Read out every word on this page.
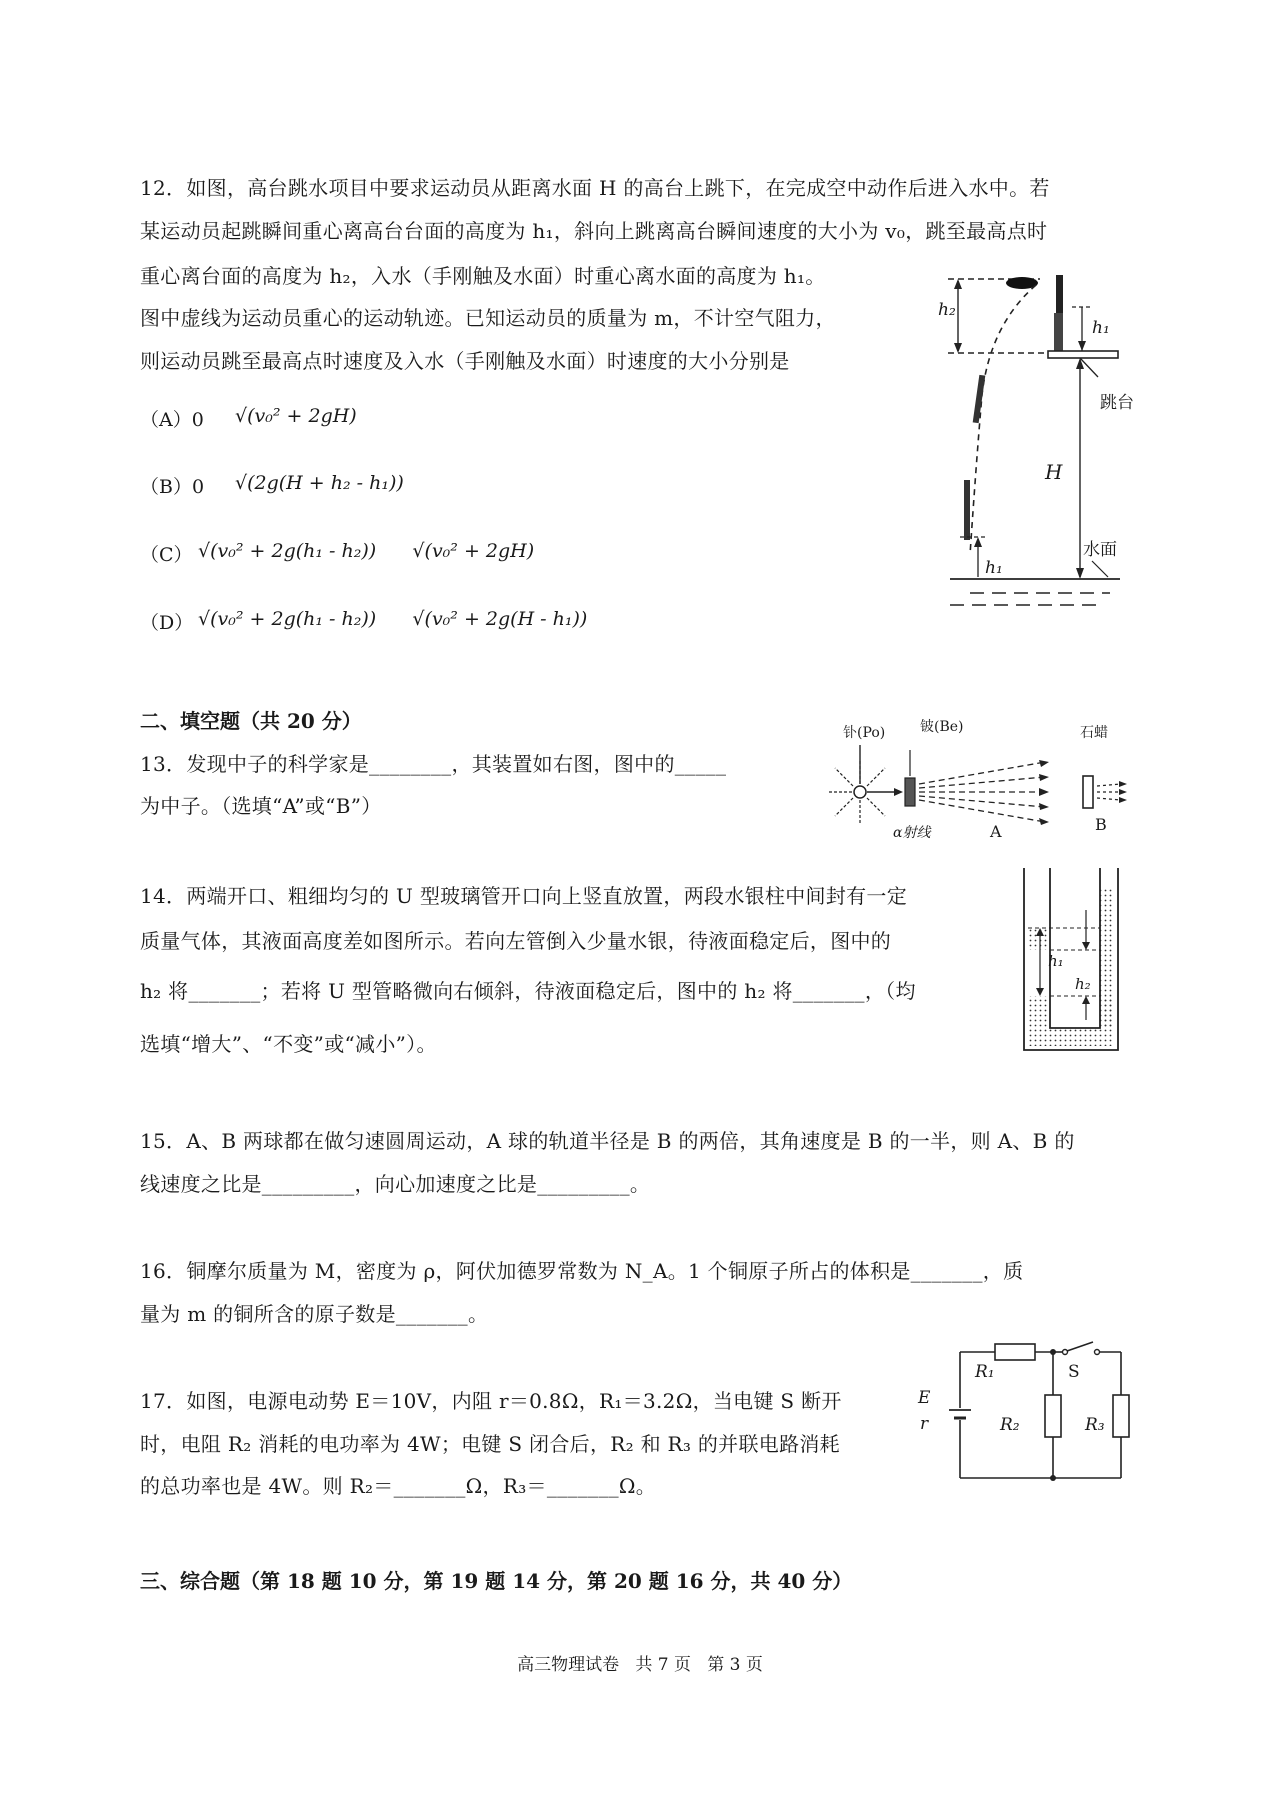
12．如图，高台跳水项目中要求运动员从距离水面 H 的高台上跳下，在完成空中动作后进入水中。若
某运动员起跳瞬间重心离高台台面的高度为 h₁，斜向上跳离高台瞬间速度的大小为 v₀，跳至最高点时
重心离台面的高度为 h₂，入水（手刚触及水面）时重心离水面的高度为 h₁。
图中虚线为运动员重心的运动轨迹。已知运动员的质量为 m，不计空气阻力，
则运动员跳至最高点时速度及入水（手刚触及水面）时速度的大小分别是
（A）0 √(v₀² + 2gH)
（B）0 √(2g(H + h₂ - h₁))
（C） √(v₀² + 2g(h₁ - h₂))      √(v₀² + 2gH)
（D） √(v₀² + 2g(h₁ - h₂))      √(v₀² + 2g(H - h₁))
h₂
h₁
跳台
H
水面
h₁
二、填空题（共 20 分）
13．发现中子的科学家是________，其装置如右图，图中的_____
为中子。（选填“A”或“B”）
钋(Po) 铍(Be)	石蜡
α射线	A	B
14．两端开口、粗细均匀的 U 型玻璃管开口向上竖直放置，两段水银柱中间封有一定
质量气体，其液面高度差如图所示。若向左管倒入少量水银，待液面稳定后，图中的
h₂ 将_______；若将 U 型管略微向右倾斜，待液面稳定后，图中的 h₂ 将_______，（均
选填“增大”、“不变”或“减小”）。
h₁
h₂
15．A、B 两球都在做匀速圆周运动，A 球的轨道半径是 B 的两倍，其角速度是 B 的一半，则 A、B 的
线速度之比是_________，向心加速度之比是_________。
16．铜摩尔质量为 M，密度为 ρ，阿伏加德罗常数为 N_A。1 个铜原子所占的体积是_______，质
量为 m 的铜所含的原子数是_______。
17．如图，电源电动势 E＝10V，内阻 r＝0.8Ω，R₁＝3.2Ω，当电键 S 断开
时，电阻 R₂ 消耗的电功率为 4W；电键 S 闭合后，R₂ 和 R₃ 的并联电路消耗
的总功率也是 4W。则 R₂＝_______Ω，R₃＝_______Ω。
E
r
R₁	S
R₂	R₃
三、综合题（第 18 题 10 分，第 19 题 14 分，第 20 题 16 分，共 40 分）
高三物理试卷   共 7 页   第 3 页
